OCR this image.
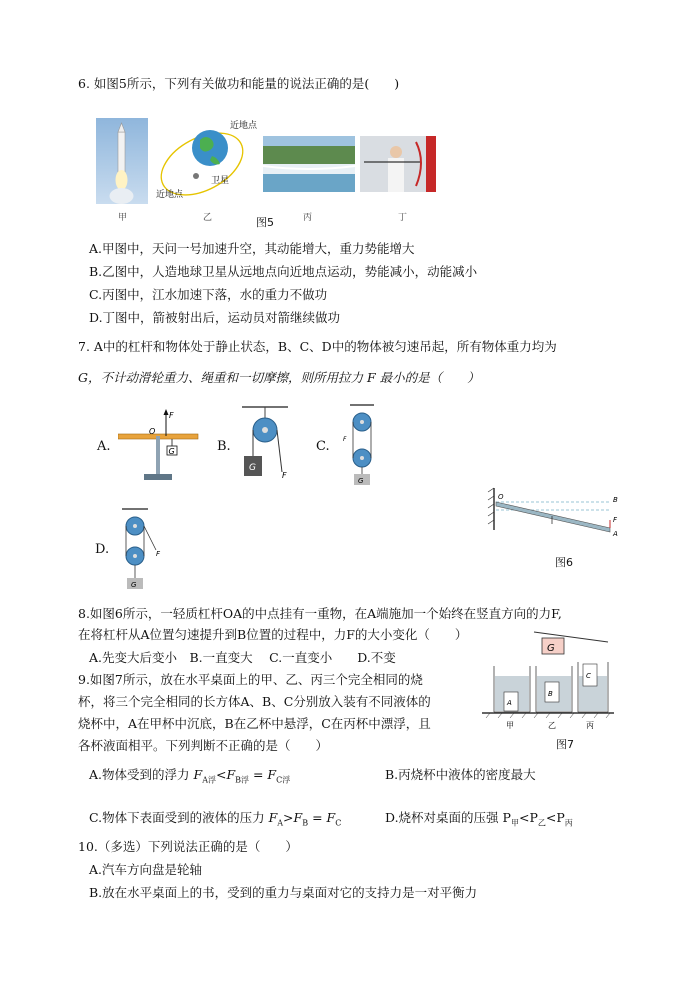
6. 如图5所示，下列有关做功和能量的说法正确的是(　　)
近地点
卫星
近地点
甲	乙	图5	丙	丁
A.甲图中，天问一号加速升空，其动能增大，重力势能增大
B.乙图中，人造地球卫星从远地点向近地点运动，势能减小，动能减小
C.丙图中，江水加速下落，水的重力不做功
D.丁图中，箭被射出后，运动员对箭继续做功
7. A中的杠杆和物体处于静止状态，B、C、D中的物体被匀速吊起，所有物体重力均为
G，不计动滑轮重力、绳重和一切摩擦，则所用拉力 F 最小的是（　　）
A.	G
O
F
B.
G
F
C.
G
F
D.
G
F
O	B
F
A
图6
8.如图6所示，一轻质杠杆OA的中点挂有一重物，在A端施加一个始终在竖直方向的力F,
在将杠杆从A位置匀速提升到B位置的过程中，力F的大小变化（　　）
A.先变大后变小　B.一直变大　 C.一直变小　　D.不变
9.如图7所示，放在水平桌面上的甲、乙、丙三个完全相同的烧
杯，将三个完全相同的长方体A、B、C分别放入装有不同液体的
烧杯中，A在甲杯中沉底，B在乙杯中悬浮，C在丙杯中漂浮，且
各杯液面相平。下列判断不正确的是（　　）
G
A
B
C
甲	乙	丙
图7
A.物体受到的浮力 $F_{A浮}<F_{B浮} = F_{C浮}$	B.丙烧杯中液体的密度最大
C.物体下表面受到的液体的压力 $F_A>F_B = F_C$	D.烧杯对桌面的压强 $P_甲<P_乙<P_丙$
10.（多选）下列说法正确的是（　　）
A.汽车方向盘是轮轴
B.放在水平桌面上的书，受到的重力与桌面对它的支持力是一对平衡力
